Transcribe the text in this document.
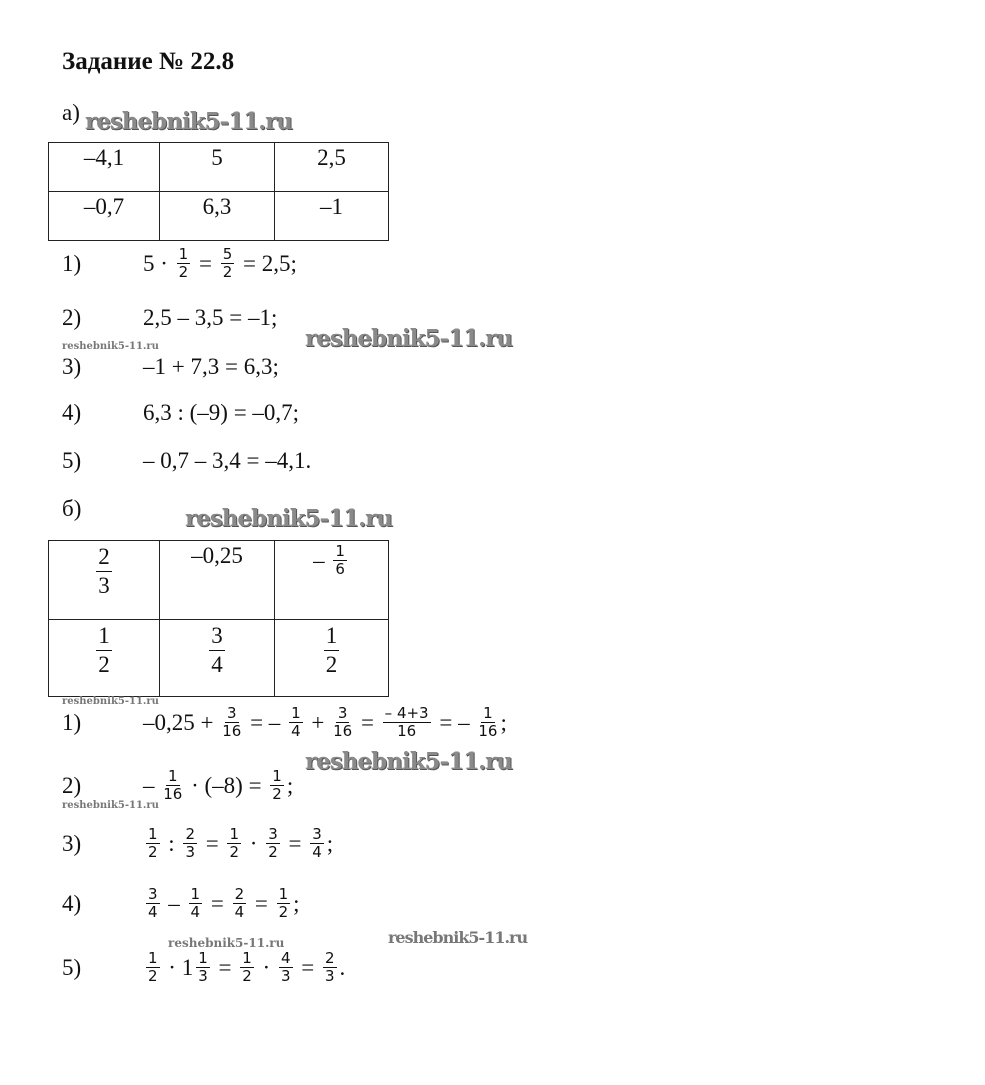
Задание № 22.8
а)
–4,1	5	2,5
–0,7	6,3	–1
1)	$5 \cdot \frac{1}{2} = \frac{5}{2} = 2,5$;
2)	2,5 – 3,5 = –1;
3)	–1 + 7,3 = 6,3;
4)	6,3 : (–9) = –0,7;
5)	– 0,7 – 3,4 = –4,1.
б)
$\frac{2}{3}$	–0,25	– $\frac{1}{6}$

$\frac{1}{2}$	$\frac{3}{4}$	$\frac{1}{2}$
1)	$-0,25 + \frac{3}{16}$ = – $\frac{1}{4} + \frac{3}{16} = \frac{- 4+3}{16}$ = – $\frac{1}{16}$ ;
2)	– $\frac{1}{16} \cdot (-8) = \frac{1}{2}$ ;
3)	$\frac{1}{2}$ : $\frac{2}{3} = \frac{1}{2} \cdot \frac{3}{2} = \frac{3}{4}$ ;
4)	$\frac{3}{4} - \frac{1}{4} = \frac{2}{4} = \frac{1}{2}$ ;
5)	$\frac{1}{2} \cdot 1 \frac{1}{3} = \frac{1}{2} \cdot \frac{4}{3} = \frac{2}{3}$ .
reshebnik5-11.ru
reshebnik5-11.ru
reshebnik5-11.ru
reshebnik5-11.ru
reshebnik5-11.ru
reshebnik5-11.ru
reshebnik5-11.ru
reshebnik5-11.ru	reshebnik5-11.ru
